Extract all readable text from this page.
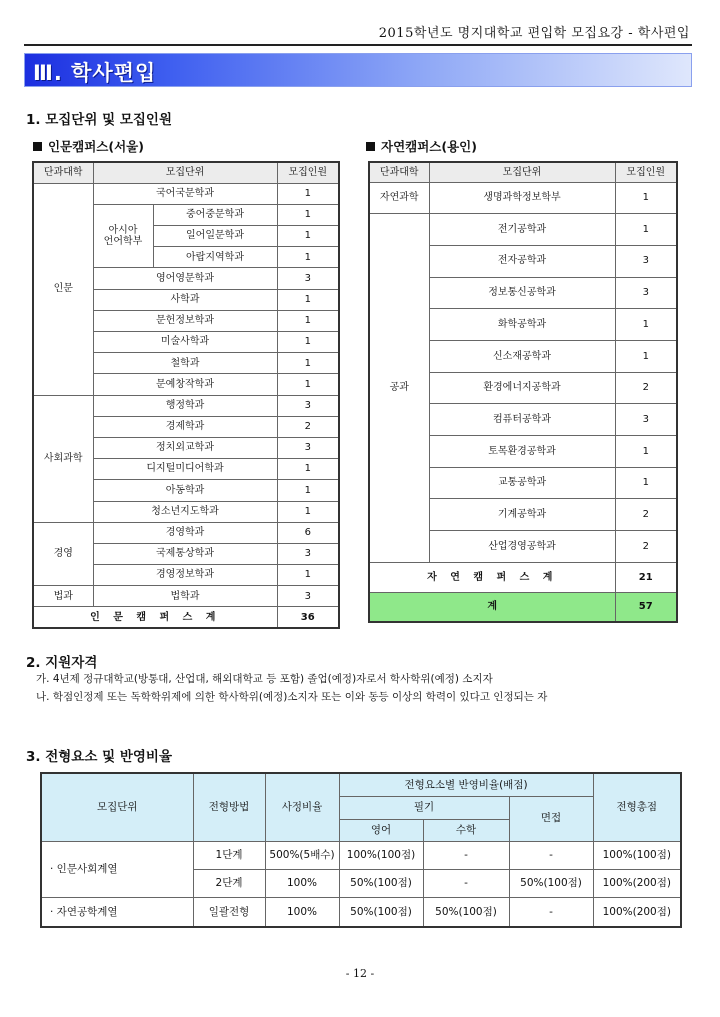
2015학년도 명지대학교 편입학 모집요강 - 학사편입
Ⅲ. 학사편입
1. 모집단위 및 모집인원
인문캠퍼스(서울)	자연캠퍼스(용인)
단과대학	모집단위		모집인원
인문	국어국문학과		1
	아시아 언어학부	중어중문학과	1
		일어일문학과	1
		아랍지역학과	1
	영어영문학과		3
	사학과		1
	문헌정보학과		1
	미술사학과		1
	철학과		1
	문예창작학과		1
사회과학	행정학과		3
	경제학과		2
	정치외교학과		3
	디지털미디어학과		1
	아동학과		1
	청소년지도학과		1
경영	경영학과		6
	국제통상학과		3
	경영정보학과		1
법과	법학과		3
인 문 캠 퍼 스 계			36
단과대학	모집단위	모집인원
자연과학	생명과학정보학부	1
공과	전기공학과	1
	전자공학과	3
	정보통신공학과	3
	화학공학과	1
	신소재공학과	1
	환경에너지공학과	2
	컴퓨터공학과	3
	토목환경공학과	1
	교통공학과	1
	기계공학과	2
	산업경영공학과	2
자 연 캠 퍼 스 계		21
계		57
2. 지원자격
가. 4년제 정규대학교(방통대, 산업대, 해외대학교 등 포함) 졸업(예정)자로서 학사학위(예정) 소지자
나. 학점인정제 또는 독학학위제에 의한 학사학위(예정)소지자 또는 이와 동등 이상의 학력이 있다고 인정되는 자
3. 전형요소 및 반영비율
모집단위	전형방법	사정비율	전형요소별 반영비율(배점)			전형총점
			필기		면접	
			영어	수학		
· 인문사회계열	1단계	500%(5배수)	100%(100점)	-	-	100%(100점)
	2단계	100%	50%(100점)	-	50%(100점)	100%(200점)
· 자연공학계열	일괄전형	100%	50%(100점)	50%(100점)	-	100%(200점)
- 12 -
